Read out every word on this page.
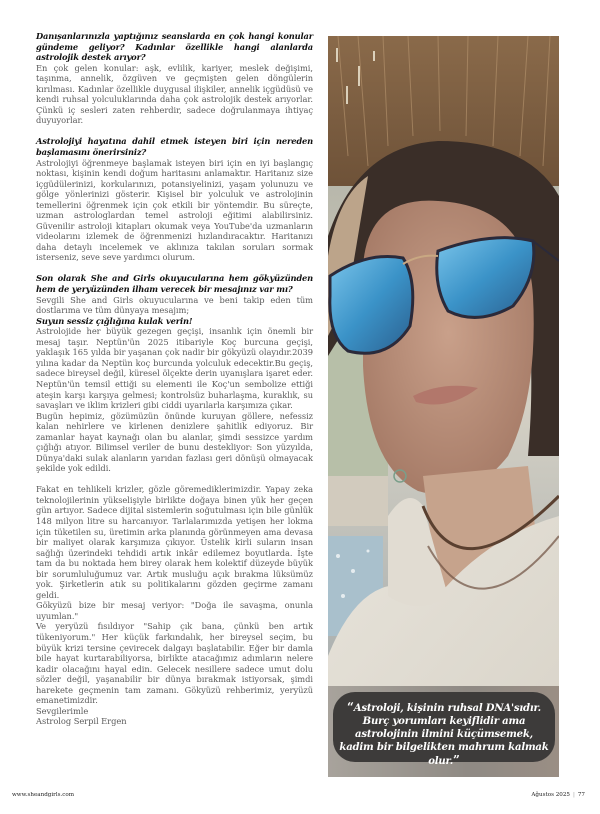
Danışanlarınızla yaptığınız seanslarda en çok hangi konular gündeme geliyor? Kadınlar özellikle hangi alanlarda astrolojik destek arıyor?

En çok gelen konular: aşk, evlilik, kariyer, meslek değişimi, taşınma, annelik, özgüven ve geçmişten gelen döngülerin kırılması. Kadınlar özellikle duygusal ilişkiler, annelik içgüdüsü ve kendi ruhsal yolculuklarında daha çok astrolojik destek arıyorlar. Çünkü iç sesleri zaten rehberdir, sadece doğrulanmaya ihtiyaç duyuyorlar.

Astrolojiyi hayatına dahil etmek isteyen biri için nereden başlamasını önerirsiniz?

Astrolojiyi öğrenmeye başlamak isteyen biri için en iyi başlangıç noktası, kişinin kendi doğum haritasını anlamaktır. Haritanız size içgüdülerinizi, korkularınızı, potansiyelinizi, yaşam yolunuzu ve gölge yönlerinizi gösterir. Kişisel bir yolculuk ve astrolojinin temellerini öğrenmek için çok etkili bir yöntemdir. Bu süreçte, uzman astrologlardan temel astroloji eğitimi alabilirsiniz. Güvenilir astroloji kitapları okumak veya YouTube'da uzmanların videolarını izlemek de öğrenmenizi hızlandıracaktır. Haritanızı daha detaylı incelemek ve aklınıza takılan soruları sormak isterseniz, seve seve yardımcı olurum.

Son olarak She and Girls okuyucularına hem gökyüzünden hem de yeryüzünden ilham verecek bir mesajınız var mı?

Sevgili She and Girls okuyucularına ve beni takip eden tüm dostlarıma ve tüm dünyaya mesajım;

Suyun sessiz çığlığına kulak verin!

Astrolojide her büyük gezegen geçişi, insanlık için önemli bir mesaj taşır. Neptün'ün 2025 itibariyle Koç burcuna geçişi, yaklaşık 165 yılda bir yaşanan çok nadir bir gökyüzü olayıdır.2039 yılına kadar da Neptün koç burcunda yolculuk edecektir.Bu geçiş, sadece bireysel değil, küresel ölçekte derin uyanışlara işaret eder. Neptün'ün temsil ettiği su elementi ile Koç'un sembolize ettiği ateşin karşı karşıya gelmesi; kontrolsüz buharlaşma, kuraklık, su savaşları ve iklim krizleri gibi ciddi uyarılarla karşımıza çıkar.

Bugün hepimiz, gözümüzün önünde kuruyan göllere, nefessiz kalan nehirlere ve kirlenen denizlere şahitlik ediyoruz. Bir zamanlar hayat kaynağı olan bu alanlar, şimdi sessizce yardım çığlığı atıyor. Bilimsel veriler de bunu destekliyor: Son yüzyılda, Dünya'daki sulak alanların yarıdan fazlası geri dönüşü olmayacak şekilde yok edildi.

Fakat en tehlikeli krizler, gözle göremediklerimizdir. Yapay zeka teknolojilerinin yükselişiyle birlikte doğaya binen yük her geçen gün artıyor. Sadece dijital sistemlerin soğutulması için bile günlük 148 milyon litre su harcanıyor. Tarlalarımızda yetişen her lokma için tüketilen su, üretimin arka planında görünmeyen ama devasa bir maliyet olarak karşımıza çıkıyor. Üstelik kirli suların insan sağlığı üzerindeki tehdidi artık inkâr edilemez boyutlarda. İşte tam da bu noktada hem birey olarak hem kolektif düzeyde büyük bir sorumluluğumuz var. Artık musluğu açık bırakma lüksümüz yok. Şirketlerin atık su politikalarını gözden geçirme zamanı geldi.

Gökyüzü bize bir mesaj veriyor: "Doğa ile savaşma, onunla uyumlan."

Ve yeryüzü fısıldıyor "Sahip çık bana, çünkü ben artık tükeniyorum." Her küçük farkındalık, her bireysel seçim, bu büyük krizi tersine çevirecek dalgayı başlatabilir. Eğer bir damla bile hayat kurtarabiliyorsa, birlikte atacağımız adımların nelere kadir olacağını hayal edin. Gelecek nesillere sadece umut dolu sözler değil, yaşanabilir bir dünya bırakmak istiyorsak, şimdi harekete geçmenin tam zamanı. Gökyüzü rehberimiz, yeryüzü emanetimizdir.

Sevgilerimle

Astrolog Serpil Ergen

“Astroloji, kişinin ruhsal DNA'sıdır. Burç yorumları keyiflidir ama astrolojinin ilmini küçümsemek, kadim bir bilgelikten mahrum kalmak olur.”
www.sheandgirls.com	Ağustos 2025 | 77
